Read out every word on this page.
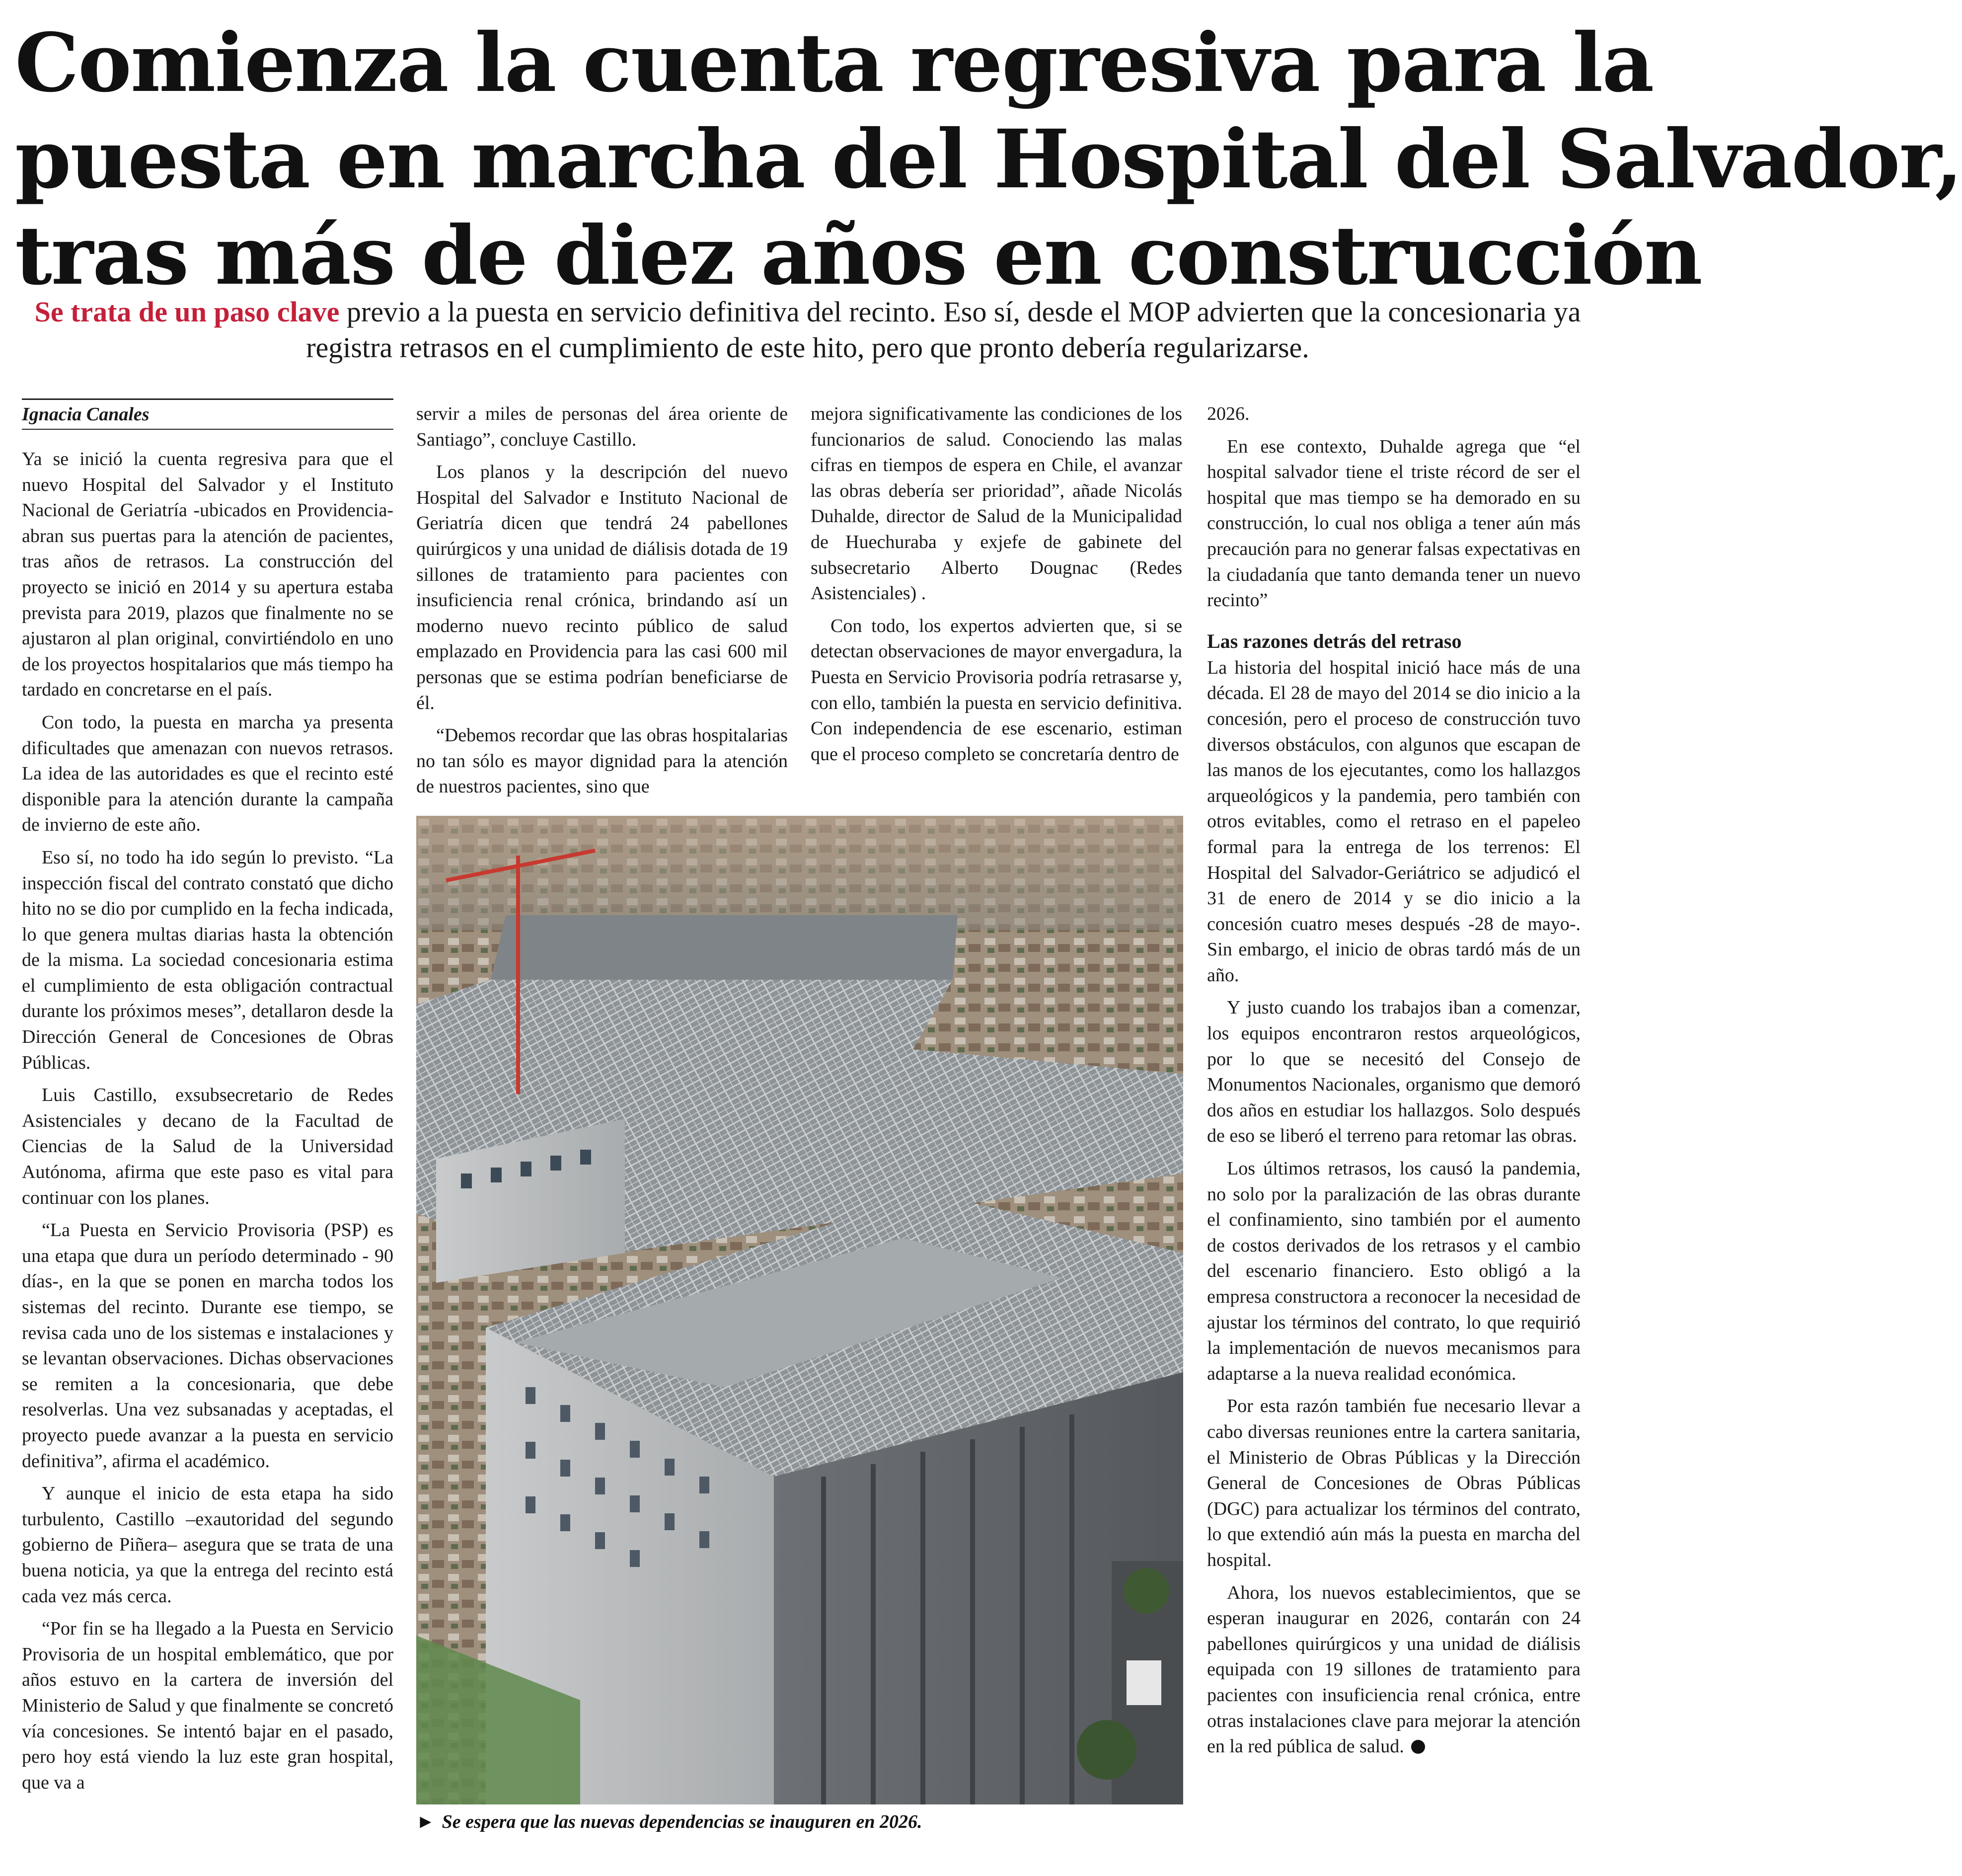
Comienza la cuenta regresiva para la
puesta en marcha del Hospital del Salvador,
tras más de diez años en construcción
Se trata de un paso clave previo a la puesta en servicio definitiva del recinto. Eso sí, desde el MOP advierten que la concesionaria ya registra retrasos en el cumplimiento de este hito, pero que pronto debería regularizarse.
Ignacia Canales

Ya se inició la cuenta regresiva para que el nuevo Hospital del Salvador y el Instituto Nacional de Geriatría -ubicados en Providencia- abran sus puertas para la atención de pacientes, tras años de retrasos. La construcción del proyecto se inició en 2014 y su apertura estaba prevista para 2019, plazos que finalmente no se ajustaron al plan original, convirtiéndolo en uno de los proyectos hospitalarios que más tiempo ha tardado en concretarse en el país.

Con todo, la puesta en marcha ya presenta dificultades que amenazan con nuevos retrasos. La idea de las autoridades es que el recinto esté disponible para la atención durante la campaña de invierno de este año.

Eso sí, no todo ha ido según lo previsto. “La inspección fiscal del contrato constató que dicho hito no se dio por cumplido en la fecha indicada, lo que genera multas diarias hasta la obtención de la misma. La sociedad concesionaria estima el cumplimiento de esta obligación contractual durante los próximos meses”, detallaron desde la Dirección General de Concesiones de Obras Públicas.

Luis Castillo, exsubsecretario de Redes Asistenciales y decano de la Facultad de Ciencias de la Salud de la Universidad Autónoma, afirma que este paso es vital para continuar con los planes.

“La Puesta en Servicio Provisoria (PSP) es una etapa que dura un período determinado - 90 días-, en la que se ponen en marcha todos los sistemas del recinto. Durante ese tiempo, se revisa cada uno de los sistemas e instalaciones y se levantan observaciones. Dichas observaciones se remiten a la concesionaria, que debe resolverlas. Una vez subsanadas y aceptadas, el proyecto puede avanzar a la puesta en servicio definitiva”, afirma el académico.

Y aunque el inicio de esta etapa ha sido turbulento, Castillo –exautoridad del segundo gobierno de Piñera– asegura que se trata de una buena noticia, ya que la entrega del recinto está cada vez más cerca.

“Por fin se ha llegado a la Puesta en Servicio Provisoria de un hospital emblemático, que por años estuvo en la cartera de inversión del Ministerio de Salud y que finalmente se concretó vía concesiones. Se intentó bajar en el pasado, pero hoy está viendo la luz este gran hospital, que va a

servir a miles de personas del área oriente de Santiago”, concluye Castillo.

Los planos y la descripción del nuevo Hospital del Salvador e Instituto Nacional de Geriatría dicen que tendrá 24 pabellones quirúrgicos y una unidad de diálisis dotada de 19 sillones de tratamiento para pacientes con insuficiencia renal crónica, brindando así un moderno nuevo recinto público de salud emplazado en Providencia para las casi 600 mil personas que se estima podrían beneficiarse de él.

“Debemos recordar que las obras hospitalarias no tan sólo es mayor dignidad para la atención de nuestros pacientes, sino que

mejora significativamente las condiciones de los funcionarios de salud. Conociendo las malas cifras en tiempos de espera en Chile, el avanzar las obras debería ser prioridad”, añade Nicolás Duhalde, director de Salud de la Municipalidad de Huechuraba y exjefe de gabinete del subsecretario Alberto Dougnac (Redes Asistenciales) .

Con todo, los expertos advierten que, si se detectan observaciones de mayor envergadura, la Puesta en Servicio Provisoria podría retrasarse y, con ello, también la puesta en servicio definitiva. Con independencia de ese escenario, estiman que el proceso completo se concretaría dentro de

2026.

En ese contexto, Duhalde agrega que “el hospital salvador tiene el triste récord de ser el hospital que mas tiempo se ha demorado en su construcción, lo cual nos obliga a tener aún más precaución para no generar falsas expectativas en la ciudadanía que tanto demanda tener un nuevo recinto”

Las razones detrás del retraso

La historia del hospital inició hace más de una década. El 28 de mayo del 2014 se dio inicio a la concesión, pero el proceso de construcción tuvo diversos obstáculos, con algunos que escapan de las manos de los ejecutantes, como los hallazgos arqueológicos y la pandemia, pero también con otros evitables, como el retraso en el papeleo formal para la entrega de los terrenos: El Hospital del Salvador-Geriátrico se adjudicó el 31 de enero de 2014 y se dio inicio a la concesión cuatro meses después -28 de mayo-. Sin embargo, el inicio de obras tardó más de un año.

Y justo cuando los trabajos iban a comenzar, los equipos encontraron restos arqueológicos, por lo que se necesitó del Consejo de Monumentos Nacionales, organismo que demoró dos años en estudiar los hallazgos. Solo después de eso se liberó el terreno para retomar las obras.

Los últimos retrasos, los causó la pandemia, no solo por la paralización de las obras durante el confinamiento, sino también por el aumento de costos derivados de los retrasos y el cambio del escenario financiero. Esto obligó a la empresa constructora a reconocer la necesidad de ajustar los términos del contrato, lo que requirió la implementación de nuevos mecanismos para adaptarse a la nueva realidad económica.

Por esta razón también fue necesario llevar a cabo diversas reuniones entre la cartera sanitaria, el Ministerio de Obras Públicas y la Dirección General de Concesiones de Obras Públicas (DGC) para actualizar los términos del contrato, lo que extendió aún más la puesta en marcha del hospital.

Ahora, los nuevos establecimientos, que se esperan inaugurar en 2026, contarán con 24 pabellones quirúrgicos y una unidad de diálisis equipada con 19 sillones de tratamiento para pacientes con insuficiencia renal crónica, entre otras instalaciones clave para mejorar la atención en la red pública de salud.

► Se espera que las nuevas dependencias se inauguren en 2026.
